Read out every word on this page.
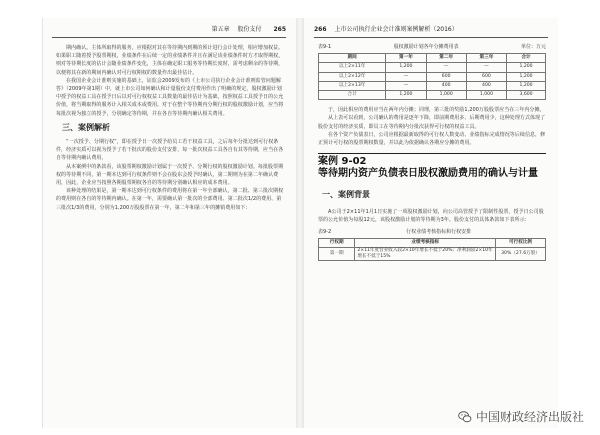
第五章 股份支付 265

期内确认。主体所取得的服务，应根据对其在等待期内到期的预计进行会计处理，相应增加权益。如果职工随着授予股票期权，业绩条件在后续一定的业绩条件并且在满足该业绩条件时方才取得期权，则对等待期长度的估计会随业绩条件变化，主体在确定职工服务等待期长度时，需考虑剩余的等待期，以便将其在新的期间内确认对可行权期权的数量作出最佳估计。

在我国企业会计准则实施的基础上，证监会2009发布的《上市公司执行企业会计准则监管问题解答》（2009年第1期）中，就上市公司如何确认和计量股份支付费用作出了明确的规定，股权激励计划中授予的权益工具在授予日后以对可行权权益工具数量的最佳估计为基础，按照权益工具授予日的公允价值，将当期取得的服务计入相关成本或费用。对于在整个等待期内分期行权的股权激励计划，应当将每批次视为独立的授予，分别确定等待期，并在各自等待期内确认相关费用。

三、案例解析

“一次授予、分期行权”，即在授予日一次授予给员工若干权益工具，之后每年分批达到可行权条件，经济实质可以视为授予了若干批次的股份支付安排，每一批次权益工具各自有其等待期，应当在各自等待期内确认费用。

从本案例中的条款看，该股票期权激励计划属于一次授予、分期行权的股权激励计划。每批股票期权的等待期不同，第一期本达到可行权条件则不会在股东会授予时确认，第二期则为在第二年确认费用，因此，企业应当按照各期股票期权各自的等待期分别确认相应的成本费用。

该种处理的结果是，第一期本达到可行权条件的费用将在第一年全部确认，第二批、第三批次期权的费用则在各自的等待期内确认。在第一年，需要确认第一批次的全部费用、第二批次1/2的费用、第三批次1/3的费用，分别为1,200万股股票在第一年，第二年和第三年的摊销费用如下：

266 上市公司执行企业会计准则案例解析（2016）
表9-1	股权激励计划各年分摊费用表	单位：万元
期间	第一年	第二年	第三年	合计
以上2×11年	1,200	—	—	1,200
以上2×12年	—	600	600	1,200
以上2×13年	—	400	400	1,200
合计	1,200	1,000	1,000	3,600

于，因此相应的费用应当在两年内分摊；同理，第三批的奖励1,200万股股票应当在三年内分摊。

从上表可以看到，公司确认的费用是逐年下降，即前期费用多、后期费用少，这种处理方式体现了股份支付的经济实质，即员工在等待期内分批次获得可行权的权益工具。

在各个资产负债表日，公司应根据最新取得的可行权人数变动、业绩指标完成情况等后续信息，修正预计可行权的股票期权数量，并以此为依据确认各期应分摊的费用。

案例 9-02
等待期内资产负债表日股权激励费用的确认与计量
一、案例背景

A公司于2×11年1月1日实施了一项股权激励计划，向公司高管授予了限制性股票，授予日公司股票的公允价值为每股12元，该股权激励计划的等待期为3年。股份支付的具体条款如下表所示：

表9-2	行权业绩考核指标和行权安排
行权期	业绩考核指标	可行权比例
第一期	2×11年度营业收入较2×10年增长不低于20%；净利润较2×10年增长不低于15%	30%（27.6万股）
中国财政经济出版社
